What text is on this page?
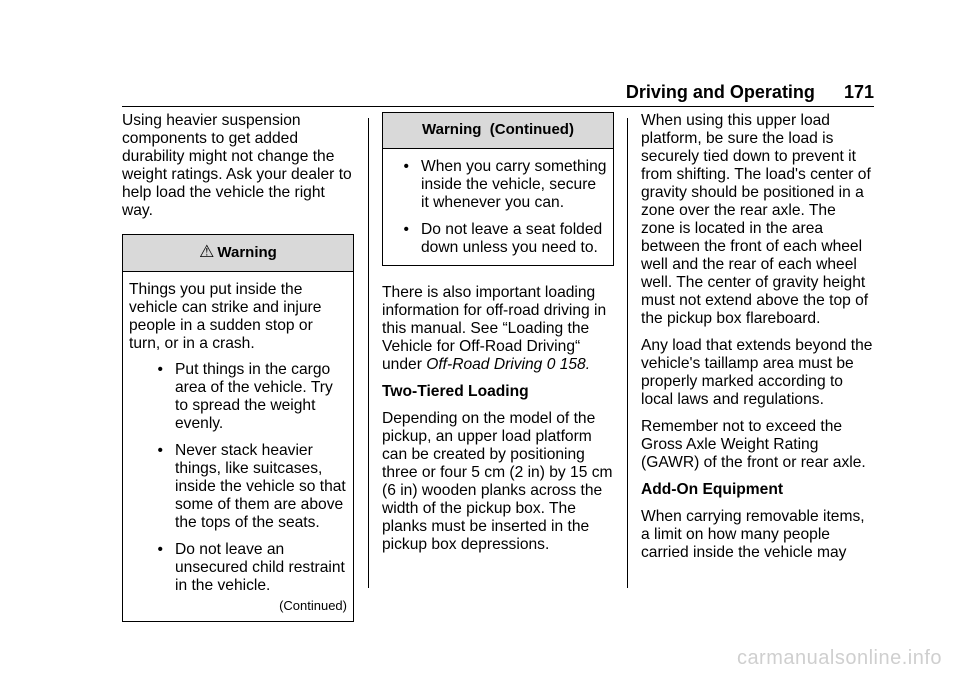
Driving and Operating 171

Using heavier suspension components to get added durability might not change the weight ratings. Ask your dealer to help load the vehicle the right way.

⚠ Warning

Things you put inside the vehicle can strike and injure people in a sudden stop or turn, or in a crash.

• Put things in the cargo area of the vehicle. Try to spread the weight evenly.
• Never stack heavier things, like suitcases, inside the vehicle so that some of them are above the tops of the seats.
• Do not leave an unsecured child restraint in the vehicle.
(Continued)
Warning  (Continued)
• When you carry something inside the vehicle, secure it whenever you can.
• Do not leave a seat folded down unless you need to.

There is also important loading information for off-road driving in this manual. See “Loading the Vehicle for Off-Road Driving“ under Off-Road Driving 0 158.

Two-Tiered Loading

Depending on the model of the pickup, an upper load platform can be created by positioning three or four 5 cm (2 in) by 15 cm (6 in) wooden planks across the width of the pickup box. The planks must be inserted in the pickup box depressions.

When using this upper load platform, be sure the load is securely tied down to prevent it from shifting. The load's center of gravity should be positioned in a zone over the rear axle. The zone is located in the area between the front of each wheel well and the rear of each wheel well. The center of gravity height must not extend above the top of the pickup box flareboard.

Any load that extends beyond the vehicle's taillamp area must be properly marked according to local laws and regulations.

Remember not to exceed the Gross Axle Weight Rating (GAWR) of the front or rear axle.

Add-On Equipment

When carrying removable items, a limit on how many people carried inside the vehicle may

carmanualsonline.info
